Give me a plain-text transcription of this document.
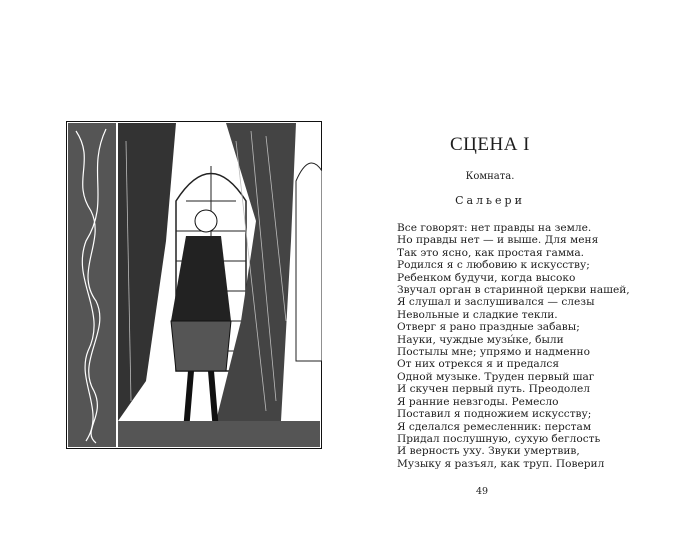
СЦЕНА I
Комната.
Сальери
Все говорят: нет правды на земле.
Но правды нет — и выше. Для меня
Так это ясно, как простая гамма.
Родился я с любовию к искусству;
Ребенком будучи, когда высоко
Звучал орган в старинной церкви нашей,
Я слушал и заслушивался — слезы
Невольные и сладкие текли.
Отверг я рано праздные забавы;
Науки, чуждые музы́ке, были
Постылы мне; упрямо и надменно
От них отрекся я и предался
Одной музыке. Труден первый шаг
И скучен первый путь. Преодолел
Я ранние невзгоды. Ремесло
Поставил я подножием искусству;
Я сделался ремесленник: перстам
Придал послушную, сухую беглость
И верность уху. Звуки умертвив,
Музыку я разъял, как труп. Поверил
49
